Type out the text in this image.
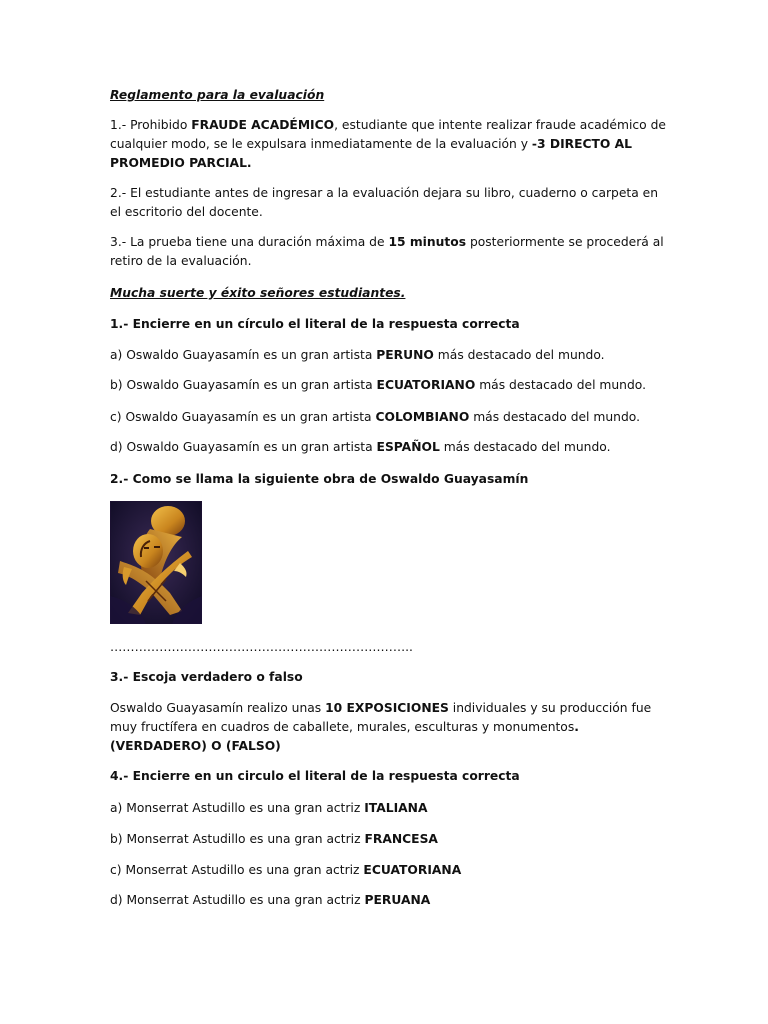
Reglamento para la evaluación
1.- Prohibido FRAUDE ACADÉMICO, estudiante que intente realizar fraude académico de cualquier modo, se le expulsara inmediatamente de la evaluación y -3 DIRECTO AL PROMEDIO PARCIAL.
2.- El estudiante antes de ingresar a la evaluación dejara su libro, cuaderno o carpeta en el escritorio del docente.
3.- La prueba tiene una duración máxima de 15 minutos posteriormente se procederá al retiro de la evaluación.
Mucha suerte y éxito señores estudiantes.
1.- Encierre en un círculo el literal de la respuesta correcta
a) Oswaldo Guayasamín es un gran artista PERUNO más destacado del mundo.
b) Oswaldo Guayasamín es un gran artista ECUATORIANO más destacado del mundo.
c) Oswaldo Guayasamín es un gran artista COLOMBIANO más destacado del mundo.
d) Oswaldo Guayasamín es un gran artista ESPAÑOL más destacado del mundo.
2.- Como se llama la siguiente obra de Oswaldo Guayasamín
………………………………………………………………..
3.- Escoja verdadero o falso
Oswaldo Guayasamín realizo unas 10 EXPOSICIONES individuales y su producción fue muy fructífera en cuadros de caballete, murales, esculturas y monumentos. (VERDADERO) O (FALSO)
4.- Encierre en un circulo el literal de la respuesta correcta
a) Monserrat Astudillo es una gran actriz ITALIANA
b) Monserrat Astudillo es una gran actriz FRANCESA
c) Monserrat Astudillo es una gran actriz ECUATORIANA
d) Monserrat Astudillo es una gran actriz PERUANA
